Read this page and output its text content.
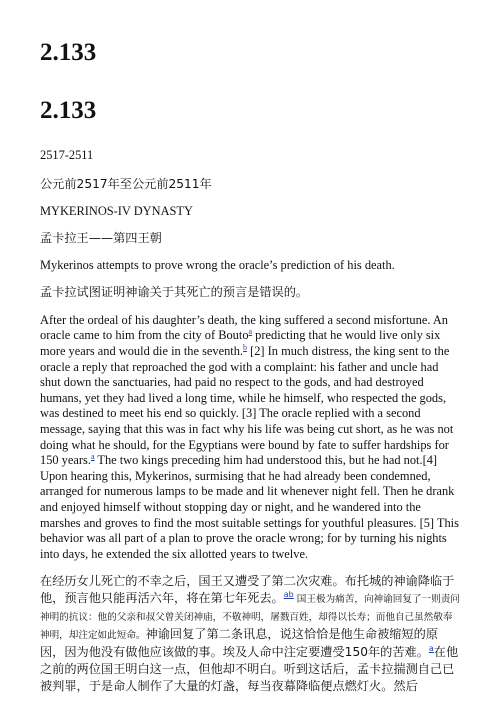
2.133
2.133

2517-2511

公元前2517年至公元前2511年

MYKERINOS-IV DYNASTY

孟卡拉王——第四王朝

Mykerinos attempts to prove wrong the oracle’s prediction of his death.

孟卡拉试图证明神谕关于其死亡的预言是错误的。

After the ordeal of his daughter’s death, the king suffered a second misfortune. An oracle came to him from the city of Bouto$^a$ predicting that he would live only six more years and would die in the seventh.$^b$ [2] In much distress, the king sent to the oracle a reply that reproached the god with a complaint: his father and uncle had shut down the sanctuaries, had paid no respect to the gods, and had destroyed humans, yet they had lived a long time, while he himself, who respected the gods, was destined to meet his end so quickly. [3] The oracle replied with a second message, saying that this was in fact why his life was being cut short, as he was not doing what he should, for the Egyptians were bound by fate to suffer hardships for 150 years.$^a$ The two kings preceding him had understood this, but he had not.[4] Upon hearing this, Mykerinos, surmising that he had already been condemned, arranged for numerous lamps to be made and lit whenever night fell. Then he drank and enjoyed himself without stopping day or night, and he wandered into the marshes and groves to find the most suitable settings for youthful pleasures. [5] This behavior was all part of a plan to prove the oracle wrong; for by turning his nights into days, he extended the six allotted years to twelve.

在经历女儿死亡的不幸之后，国王又遭受了第二次灾难。布托城的神谕降临于他，预言他只能再活六年，将在第七年死去。$^{ab}$ 国王极为痛苦，向神谕回复了一则责问神明的抗议：他的父亲和叔父曾关闭神庙，不敬神明，屠戮百姓，却得以长寿；而他自己虽然敬奉神明，却注定如此短命。神谕回复了第二条讯息，说这恰恰是他生命被缩短的原因，因为他没有做他应该做的事。埃及人命中注定要遭受150年的苦难。$^a$在他之前的两位国王明白这一点，但他却不明白。听到这话后，孟卡拉揣测自己已被判罪，于是命人制作了大量的灯盏，每当夜幕降临便点燃灯火。然后
